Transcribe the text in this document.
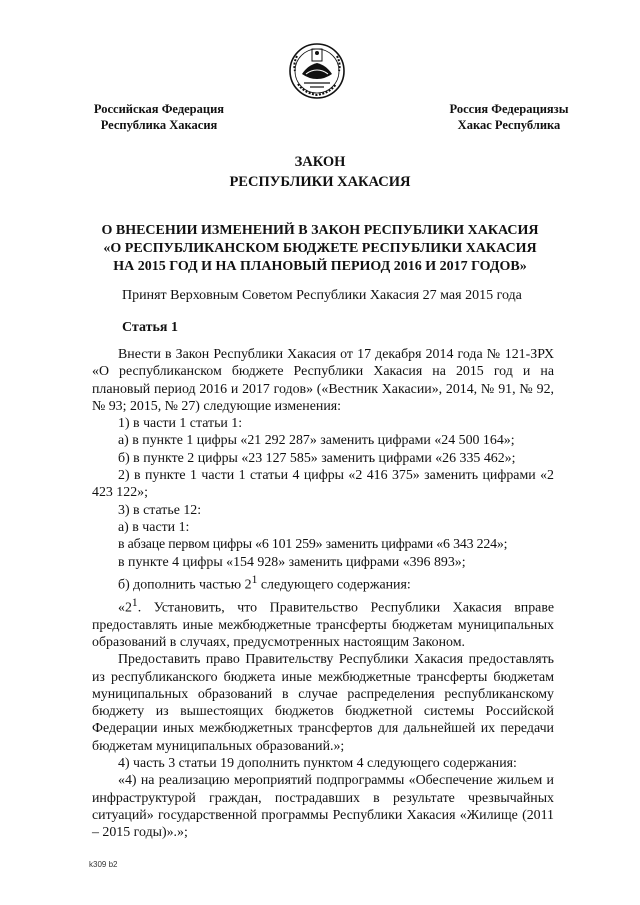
Российская Федерация
Республика Хакасия
Россия Федерациязы
Хакас Республика
ЗАКОН
РЕСПУБЛИКИ ХАКАСИЯ
О ВНЕСЕНИИ ИЗМЕНЕНИЙ В ЗАКОН РЕСПУБЛИКИ ХАКАСИЯ
«О РЕСПУБЛИКАНСКОМ БЮДЖЕТЕ РЕСПУБЛИКИ ХАКАСИЯ
НА 2015 ГОД И НА ПЛАНОВЫЙ ПЕРИОД 2016 И 2017 ГОДОВ»
Принят Верховным Советом Республики Хакасия 27 мая 2015 года
Статья 1

Внести в Закон Республики Хакасия от 17 декабря 2014 года № 121-ЗРХ «О республиканском бюджете Республики Хакасия на 2015 год и на плановый период 2016 и 2017 годов» («Вестник Хакасии», 2014, № 91, № 92, № 93; 2015, № 27) следующие изменения:

1) в части 1 статьи 1:

а) в пункте 1 цифры «21 292 287» заменить цифрами «24 500 164»;

б) в пункте 2 цифры «23 127 585» заменить цифрами «26 335 462»;

2) в пункте 1 части 1 статьи 4 цифры «2 416 375» заменить цифрами «2 423 122»;

3) в статье 12:

а) в части 1:

в абзаце первом цифры «6 101 259» заменить цифрами «6 343 224»;

в пункте 4 цифры «154 928» заменить цифрами «396 893»;

б) дополнить частью $2^1$ следующего содержания:

«$2^1$. Установить, что Правительство Республики Хакасия вправе предоставлять иные межбюджетные трансферты бюджетам муниципальных образований в случаях, предусмотренных настоящим Законом.

Предоставить право Правительству Республики Хакасия предоставлять из республиканского бюджета иные межбюджетные трансферты бюджетам муниципальных образований в случае распределения республиканскому бюджету из вышестоящих бюджетов бюджетной системы Российской Федерации иных межбюджетных трансфертов для дальнейшей их передачи бюджетам муниципальных образований.»;

4) часть 3 статьи 19 дополнить пунктом 4 следующего содержания:

«4) на реализацию мероприятий подпрограммы «Обеспечение жильем и инфраструктурой граждан, пострадавших в результате чрезвычайных ситуаций» государственной программы Республики Хакасия «Жилище (2011 – 2015 годы)».»;

k309 b2
